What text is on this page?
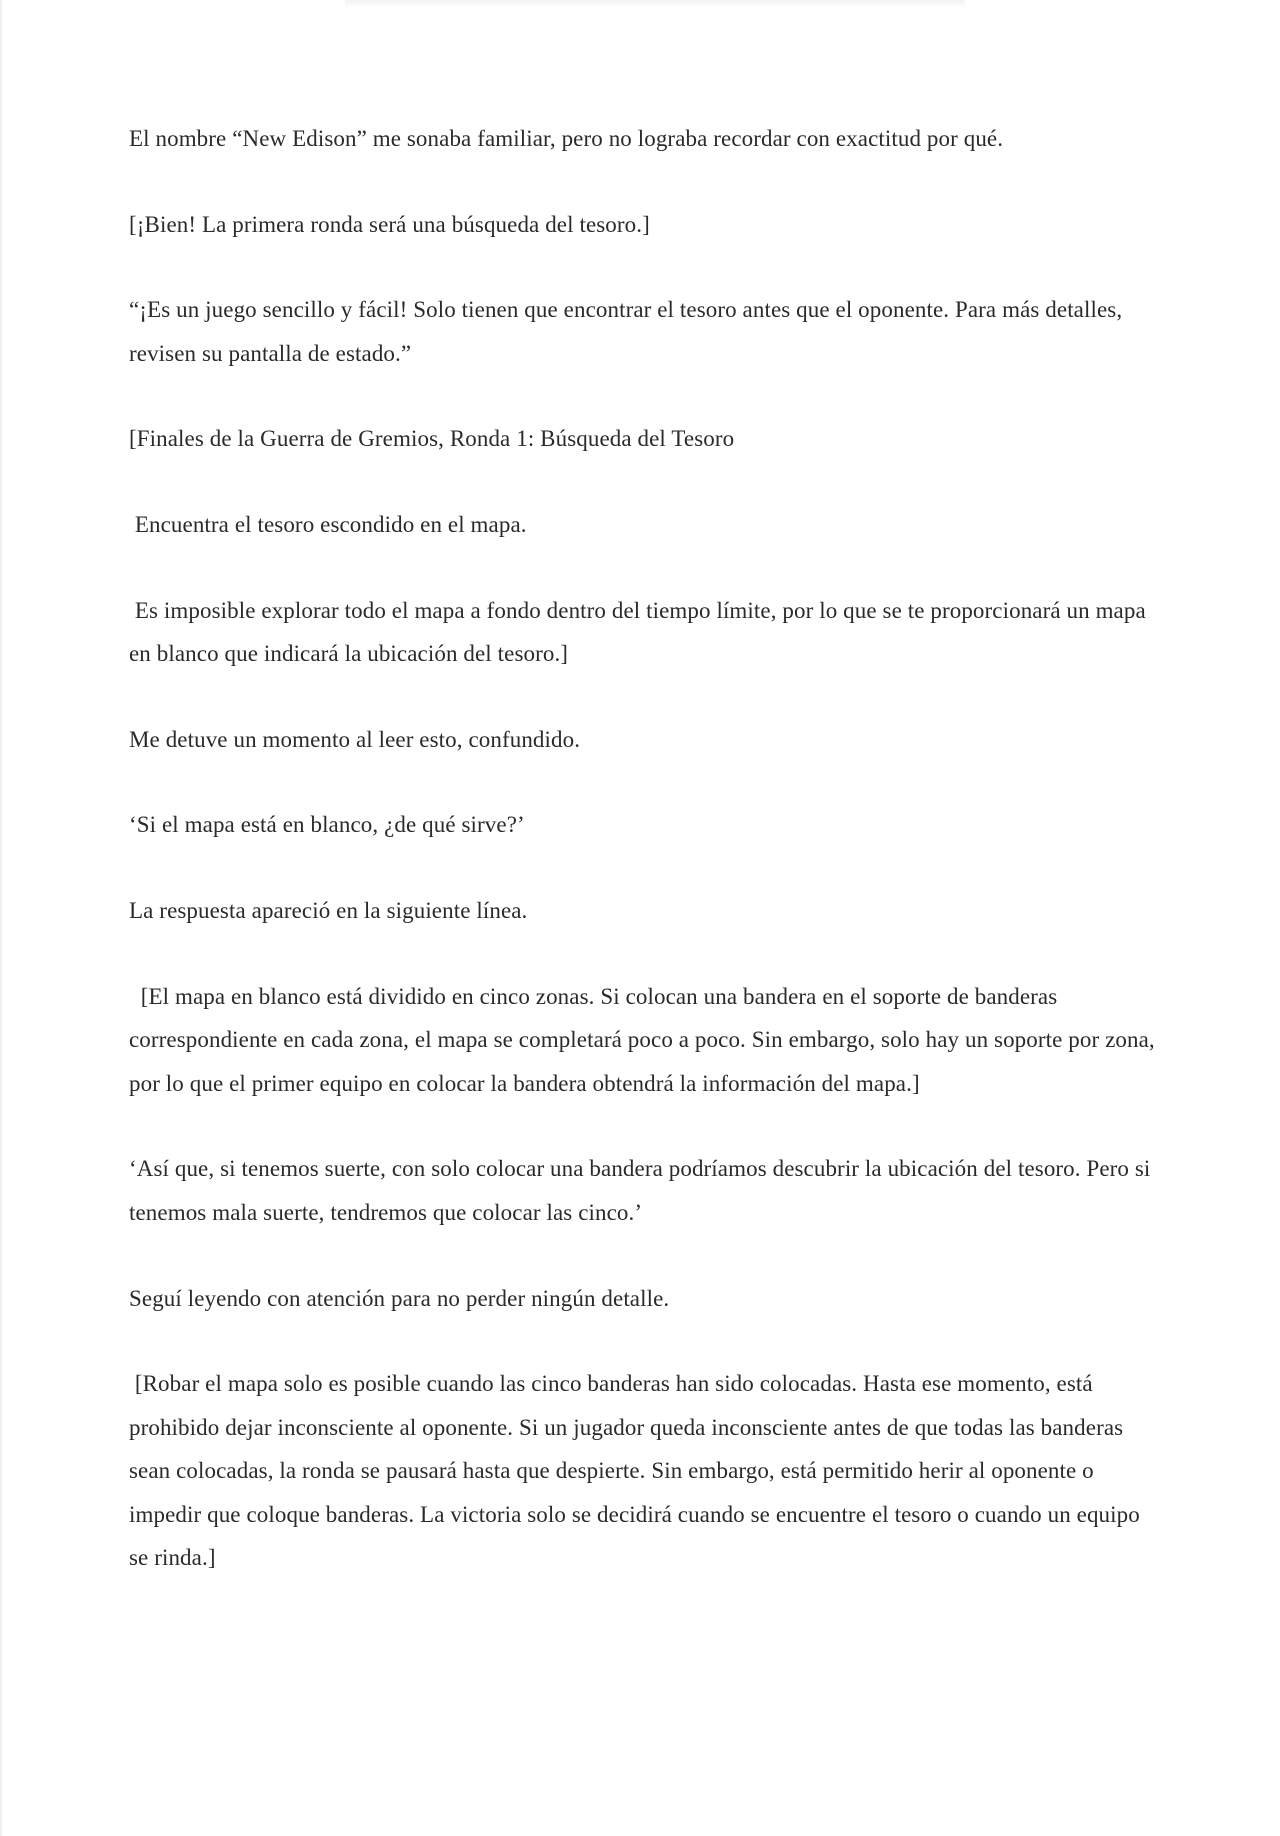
El nombre “New Edison” me sonaba familiar, pero no lograba recordar con exactitud por qué.

[¡Bien! La primera ronda será una búsqueda del tesoro.]

“¡Es un juego sencillo y fácil! Solo tienen que encontrar el tesoro antes que el oponente. Para más detalles, revisen su pantalla de estado.”

[Finales de la Guerra de Gremios, Ronda 1: Búsqueda del Tesoro

Encuentra el tesoro escondido en el mapa.

Es imposible explorar todo el mapa a fondo dentro del tiempo límite, por lo que se te proporcionará un mapa en blanco que indicará la ubicación del tesoro.]

Me detuve un momento al leer esto, confundido.

‘Si el mapa está en blanco, ¿de qué sirve?’

La respuesta apareció en la siguiente línea.

[El mapa en blanco está dividido en cinco zonas. Si colocan una bandera en el soporte de banderas correspondiente en cada zona, el mapa se completará poco a poco. Sin embargo, solo hay un soporte por zona, por lo que el primer equipo en colocar la bandera obtendrá la información del mapa.]

‘Así que, si tenemos suerte, con solo colocar una bandera podríamos descubrir la ubicación del tesoro. Pero si tenemos mala suerte, tendremos que colocar las cinco.’

Seguí leyendo con atención para no perder ningún detalle.

[Robar el mapa solo es posible cuando las cinco banderas han sido colocadas. Hasta ese momento, está prohibido dejar inconsciente al oponente. Si un jugador queda inconsciente antes de que todas las banderas sean colocadas, la ronda se pausará hasta que despierte. Sin embargo, está permitido herir al oponente o impedir que coloque banderas. La victoria solo se decidirá cuando se encuentre el tesoro o cuando un equipo se rinda.]
